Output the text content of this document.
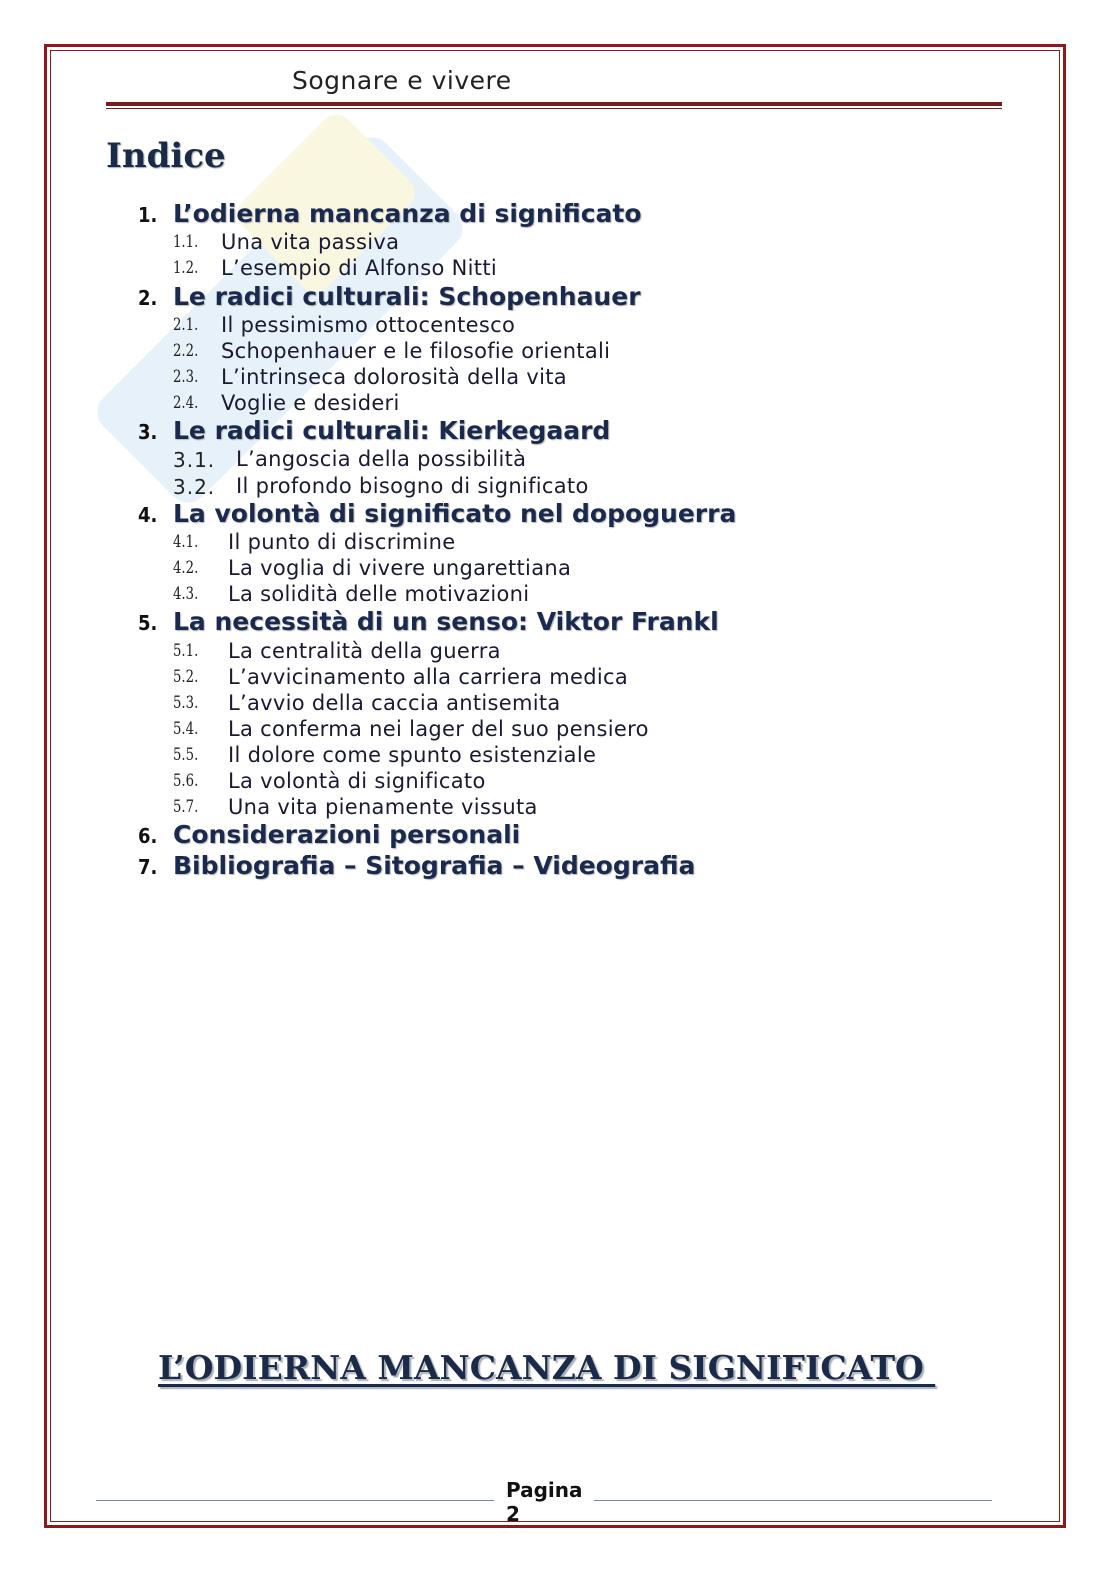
Sognare e vivere
Indice
1. L’odierna mancanza di significato
1.1. Una vita passiva
1.2. L’esempio di Alfonso Nitti
2. Le radici culturali: Schopenhauer
2.1. Il pessimismo ottocentesco
2.2. Schopenhauer e le filosofie orientali
2.3. L’intrinseca dolorosità della vita
2.4. Voglie e desideri
3. Le radici culturali: Kierkegaard
3.1. L’angoscia della possibilità
3.2. Il profondo bisogno di significato
4. La volontà di significato nel dopoguerra
4.1. Il punto di discrimine
4.2. La voglia di vivere ungarettiana
4.3. La solidità delle motivazioni
5. La necessità di un senso: Viktor Frankl
5.1. La centralità della guerra
5.2. L’avvicinamento alla carriera medica
5.3. L’avvio della caccia antisemita
5.4. La conferma nei lager del suo pensiero
5.5. Il dolore come spunto esistenziale
5.6. La volontà di significato
5.7. Una vita pienamente vissuta
6. Considerazioni personali
7. Bibliografia – Sitografia – Videografia
L’ODIERNA MANCANZA DI SIGNIFICATO
Pagina
2
